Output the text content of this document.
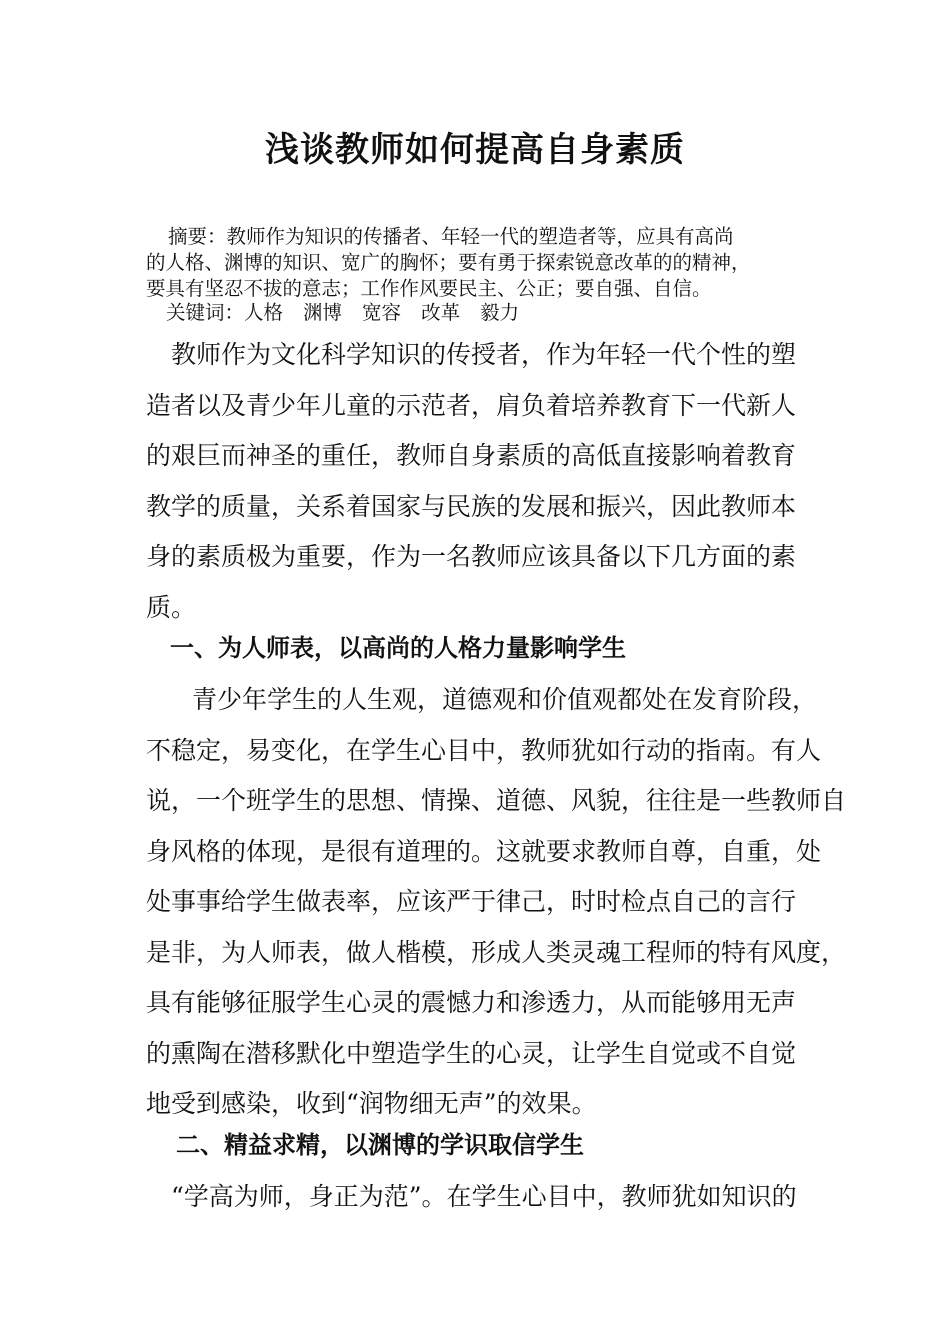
浅谈教师如何提高自身素质
摘要：教师作为知识的传播者、年轻一代的塑造者等，应具有高尚
的人格、渊博的知识、宽广的胸怀；要有勇于探索锐意改革的的精神，
要具有坚忍不拔的意志；工作作风要民主、公正；要自强、自信。
关键词：人格 渊博 宽容 改革 毅力
教师作为文化科学知识的传授者，作为年轻一代个性的塑
造者以及青少年儿童的示范者，肩负着培养教育下一代新人
的艰巨而神圣的重任，教师自身素质的高低直接影响着教育
教学的质量，关系着国家与民族的发展和振兴，因此教师本
身的素质极为重要，作为一名教师应该具备以下几方面的素
质。
一、为人师表，以高尚的人格力量影响学生
青少年学生的人生观，道德观和价值观都处在发育阶段，
不稳定，易变化，在学生心目中，教师犹如行动的指南。有人
说，一个班学生的思想、情操、道德、风貌，往往是一些教师自
身风格的体现，是很有道理的。这就要求教师自尊，自重，处
处事事给学生做表率，应该严于律己，时时检点自己的言行
是非，为人师表，做人楷模，形成人类灵魂工程师的特有风度，
具有能够征服学生心灵的震憾力和渗透力，从而能够用无声
的熏陶在潜移默化中塑造学生的心灵，让学生自觉或不自觉
地受到感染，收到“润物细无声”的效果。
二、精益求精，以渊博的学识取信学生
“学高为师，身正为范”。在学生心目中，教师犹如知识的
